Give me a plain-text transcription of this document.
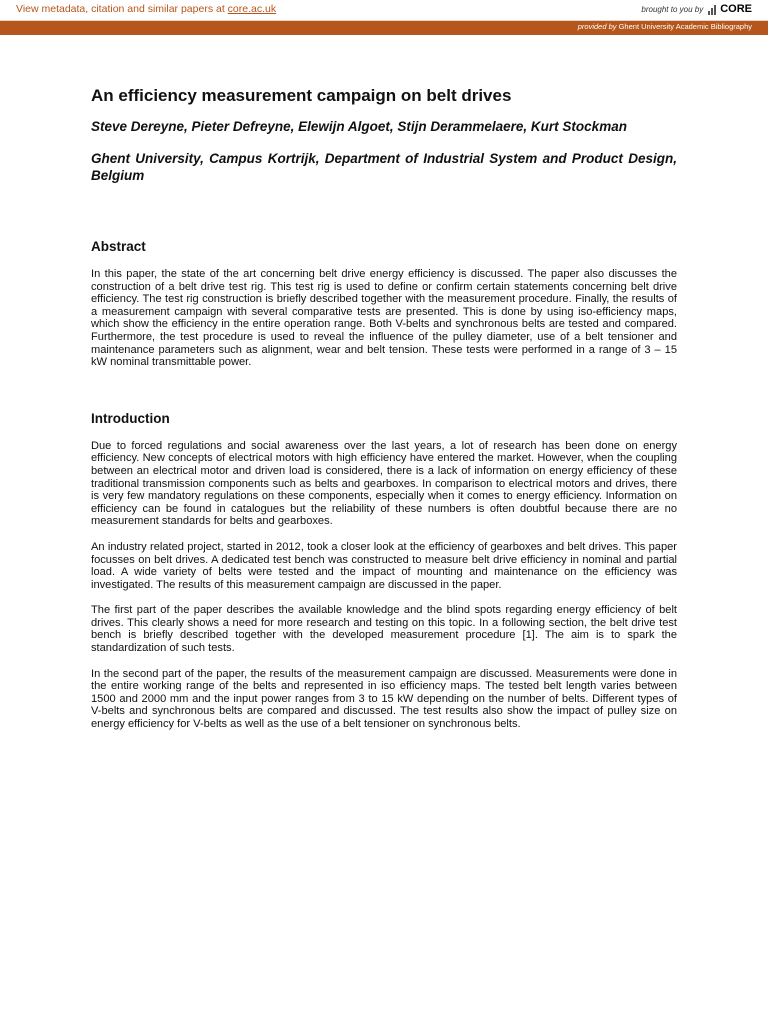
View metadata, citation and similar papers at core.ac.uk	brought to you by CORE
provided by Ghent University Academic Bibliography
An efficiency measurement campaign on belt drives
Steve Dereyne, Pieter Defreyne, Elewijn Algoet, Stijn Derammelaere, Kurt Stockman
Ghent University, Campus Kortrijk, Department of Industrial System and Product Design, Belgium
Abstract

In this paper, the state of the art concerning belt drive energy efficiency is discussed. The paper also discusses the construction of a belt drive test rig. This test rig is used to define or confirm certain statements concerning belt drive efficiency. The test rig construction is briefly described together with the measurement procedure. Finally, the results of a measurement campaign with several comparative tests are presented. This is done by using iso-efficiency maps, which show the efficiency in the entire operation range. Both V-belts and synchronous belts are tested and compared. Furthermore, the test procedure is used to reveal the influence of the pulley diameter, use of a belt tensioner and maintenance parameters such as alignment, wear and belt tension. These tests were performed in a range of 3 – 15 kW nominal transmittable power.

Introduction

Due to forced regulations and social awareness over the last years, a lot of research has been done on energy efficiency. New concepts of electrical motors with high efficiency have entered the market. However, when the coupling between an electrical motor and driven load is considered, there is a lack of information on energy efficiency of these traditional transmission components such as belts and gearboxes. In comparison to electrical motors and drives, there is very few mandatory regulations on these components, especially when it comes to energy efficiency. Information on efficiency can be found in catalogues but the reliability of these numbers is often doubtful because there are no measurement standards for belts and gearboxes.

An industry related project, started in 2012, took a closer look at the efficiency of gearboxes and belt drives. This paper focusses on belt drives. A dedicated test bench was constructed to measure belt drive efficiency in nominal and partial load. A wide variety of belts were tested and the impact of mounting and maintenance on the efficiency was investigated. The results of this measurement campaign are discussed in the paper.

The first part of the paper describes the available knowledge and the blind spots regarding energy efficiency of belt drives. This clearly shows a need for more research and testing on this topic. In a following section, the belt drive test bench is briefly described together with the developed measurement procedure [1]. The aim is to spark the standardization of such tests.

In the second part of the paper, the results of the measurement campaign are discussed. Measurements were done in the entire working range of the belts and represented in iso efficiency maps. The tested belt length varies between 1500 and 2000 mm and the input power ranges from 3 to 15 kW depending on the number of belts. Different types of V-belts and synchronous belts are compared and discussed. The test results also show the impact of pulley size on energy efficiency for V-belts as well as the use of a belt tensioner on synchronous belts.
